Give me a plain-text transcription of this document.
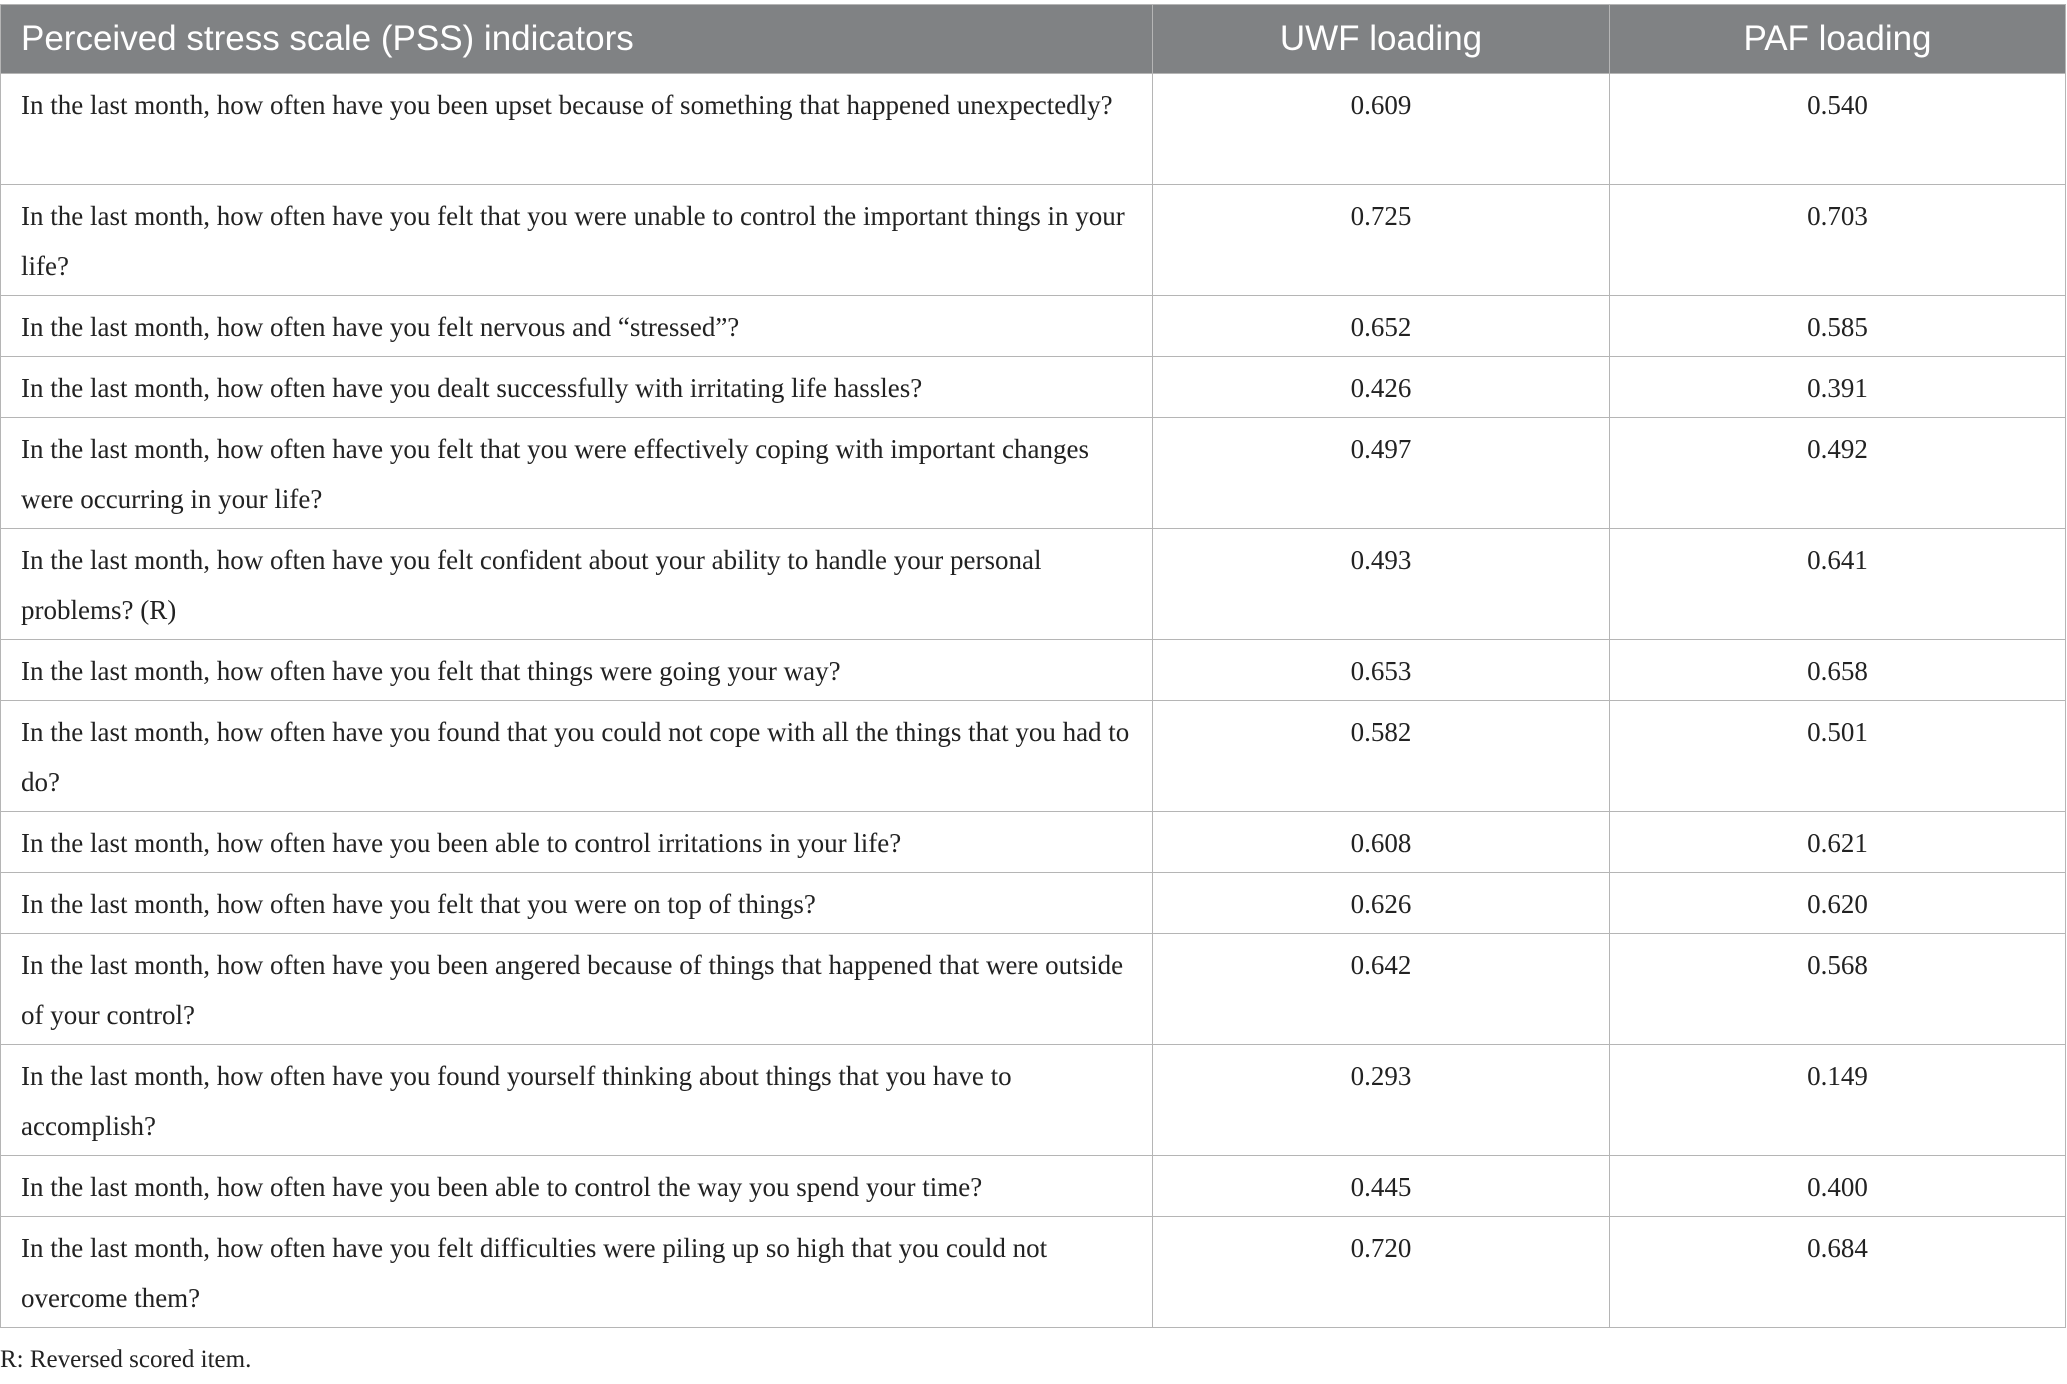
Perceived stress scale (PSS) indicators	UWF loading	PAF loading
In the last month, how often have you been upset because of something that happened unexpectedly?	0.609	0.540
In the last month, how often have you felt that you were unable to control the important things in your life?	0.725	0.703
In the last month, how often have you felt nervous and “stressed”?	0.652	0.585
In the last month, how often have you dealt successfully with irritating life hassles?	0.426	0.391
In the last month, how often have you felt that you were effectively coping with important changes were occurring in your life?	0.497	0.492
In the last month, how often have you felt confident about your ability to handle your personal problems? (R)	0.493	0.641
In the last month, how often have you felt that things were going your way?	0.653	0.658
In the last month, how often have you found that you could not cope with all the things that you had to do?	0.582	0.501
In the last month, how often have you been able to control irritations in your life?	0.608	0.621
In the last month, how often have you felt that you were on top of things?	0.626	0.620
In the last month, how often have you been angered because of things that happened that were outside of your control?	0.642	0.568
In the last month, how often have you found yourself thinking about things that you have to accomplish?	0.293	0.149
In the last month, how often have you been able to control the way you spend your time?	0.445	0.400
In the last month, how often have you felt difficulties were piling up so high that you could not overcome them?	0.720	0.684
R: Reversed scored item.
